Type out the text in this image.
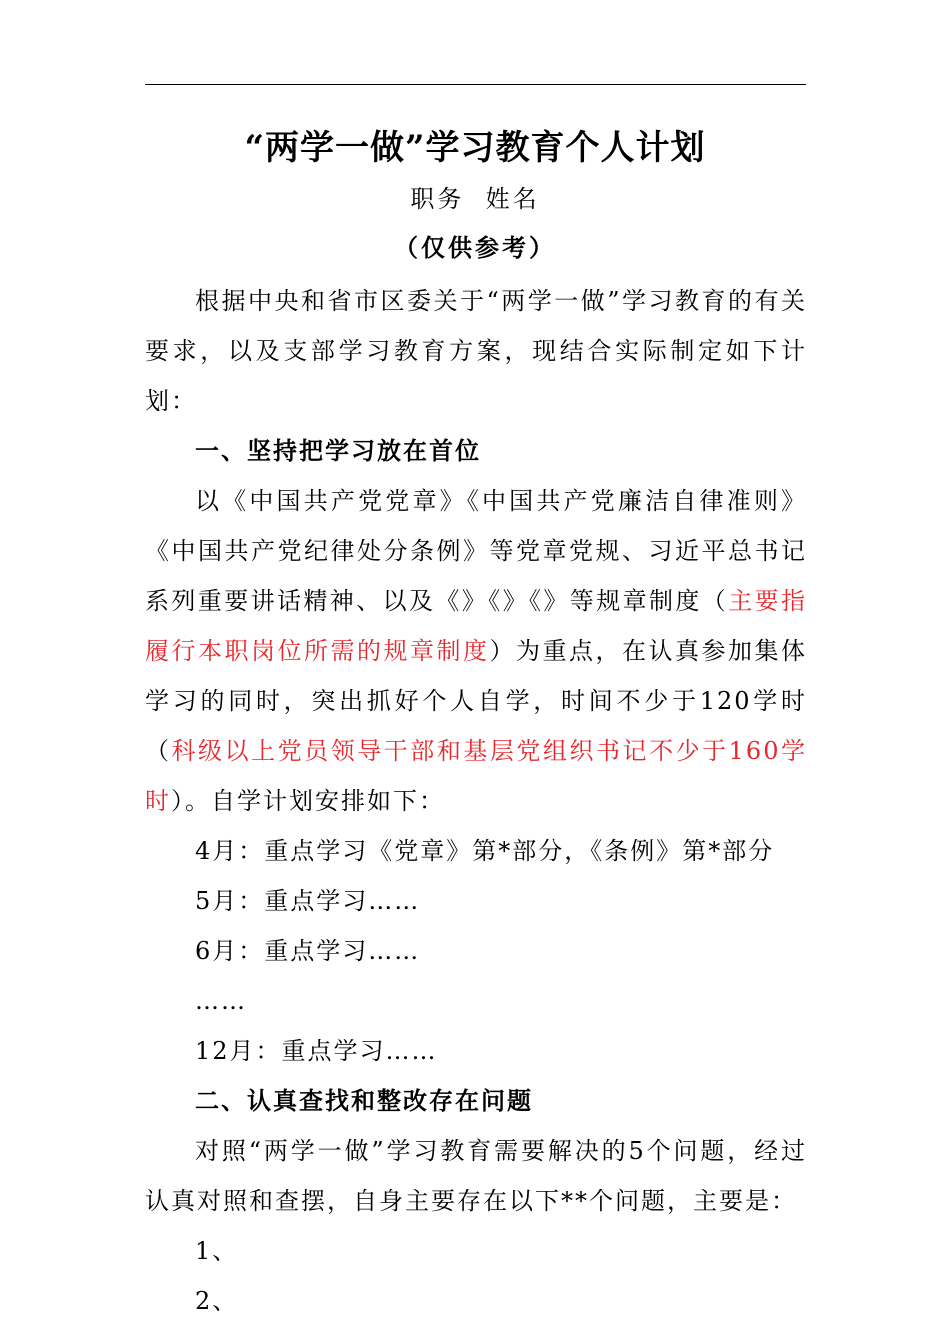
“两学一做”学习教育个人计划
职务  姓名
（仅供参考）

根据中央和省市区委关于“两学一做”学习教育的有关要求，以及支部学习教育方案，现结合实际制定如下计划：

一、坚持把学习放在首位

以《中国共产党党章》《中国共产党廉洁自律准则》《中国共产党纪律处分条例》等党章党规、习近平总书记系列重要讲话精神、以及《》《》《》等规章制度（主要指履行本职岗位所需的规章制度）为重点，在认真参加集体学习的同时，突出抓好个人自学，时间不少于120学时（科级以上党员领导干部和基层党组织书记不少于160学时）。自学计划安排如下：

4月：重点学习《党章》第*部分，《条例》第*部分

5月：重点学习……

6月：重点学习……

……

12月：重点学习……

二、认真查找和整改存在问题

对照“两学一做”学习教育需要解决的5个问题，经过认真对照和查摆，自身主要存在以下**个问题，主要是：

1、

2、
